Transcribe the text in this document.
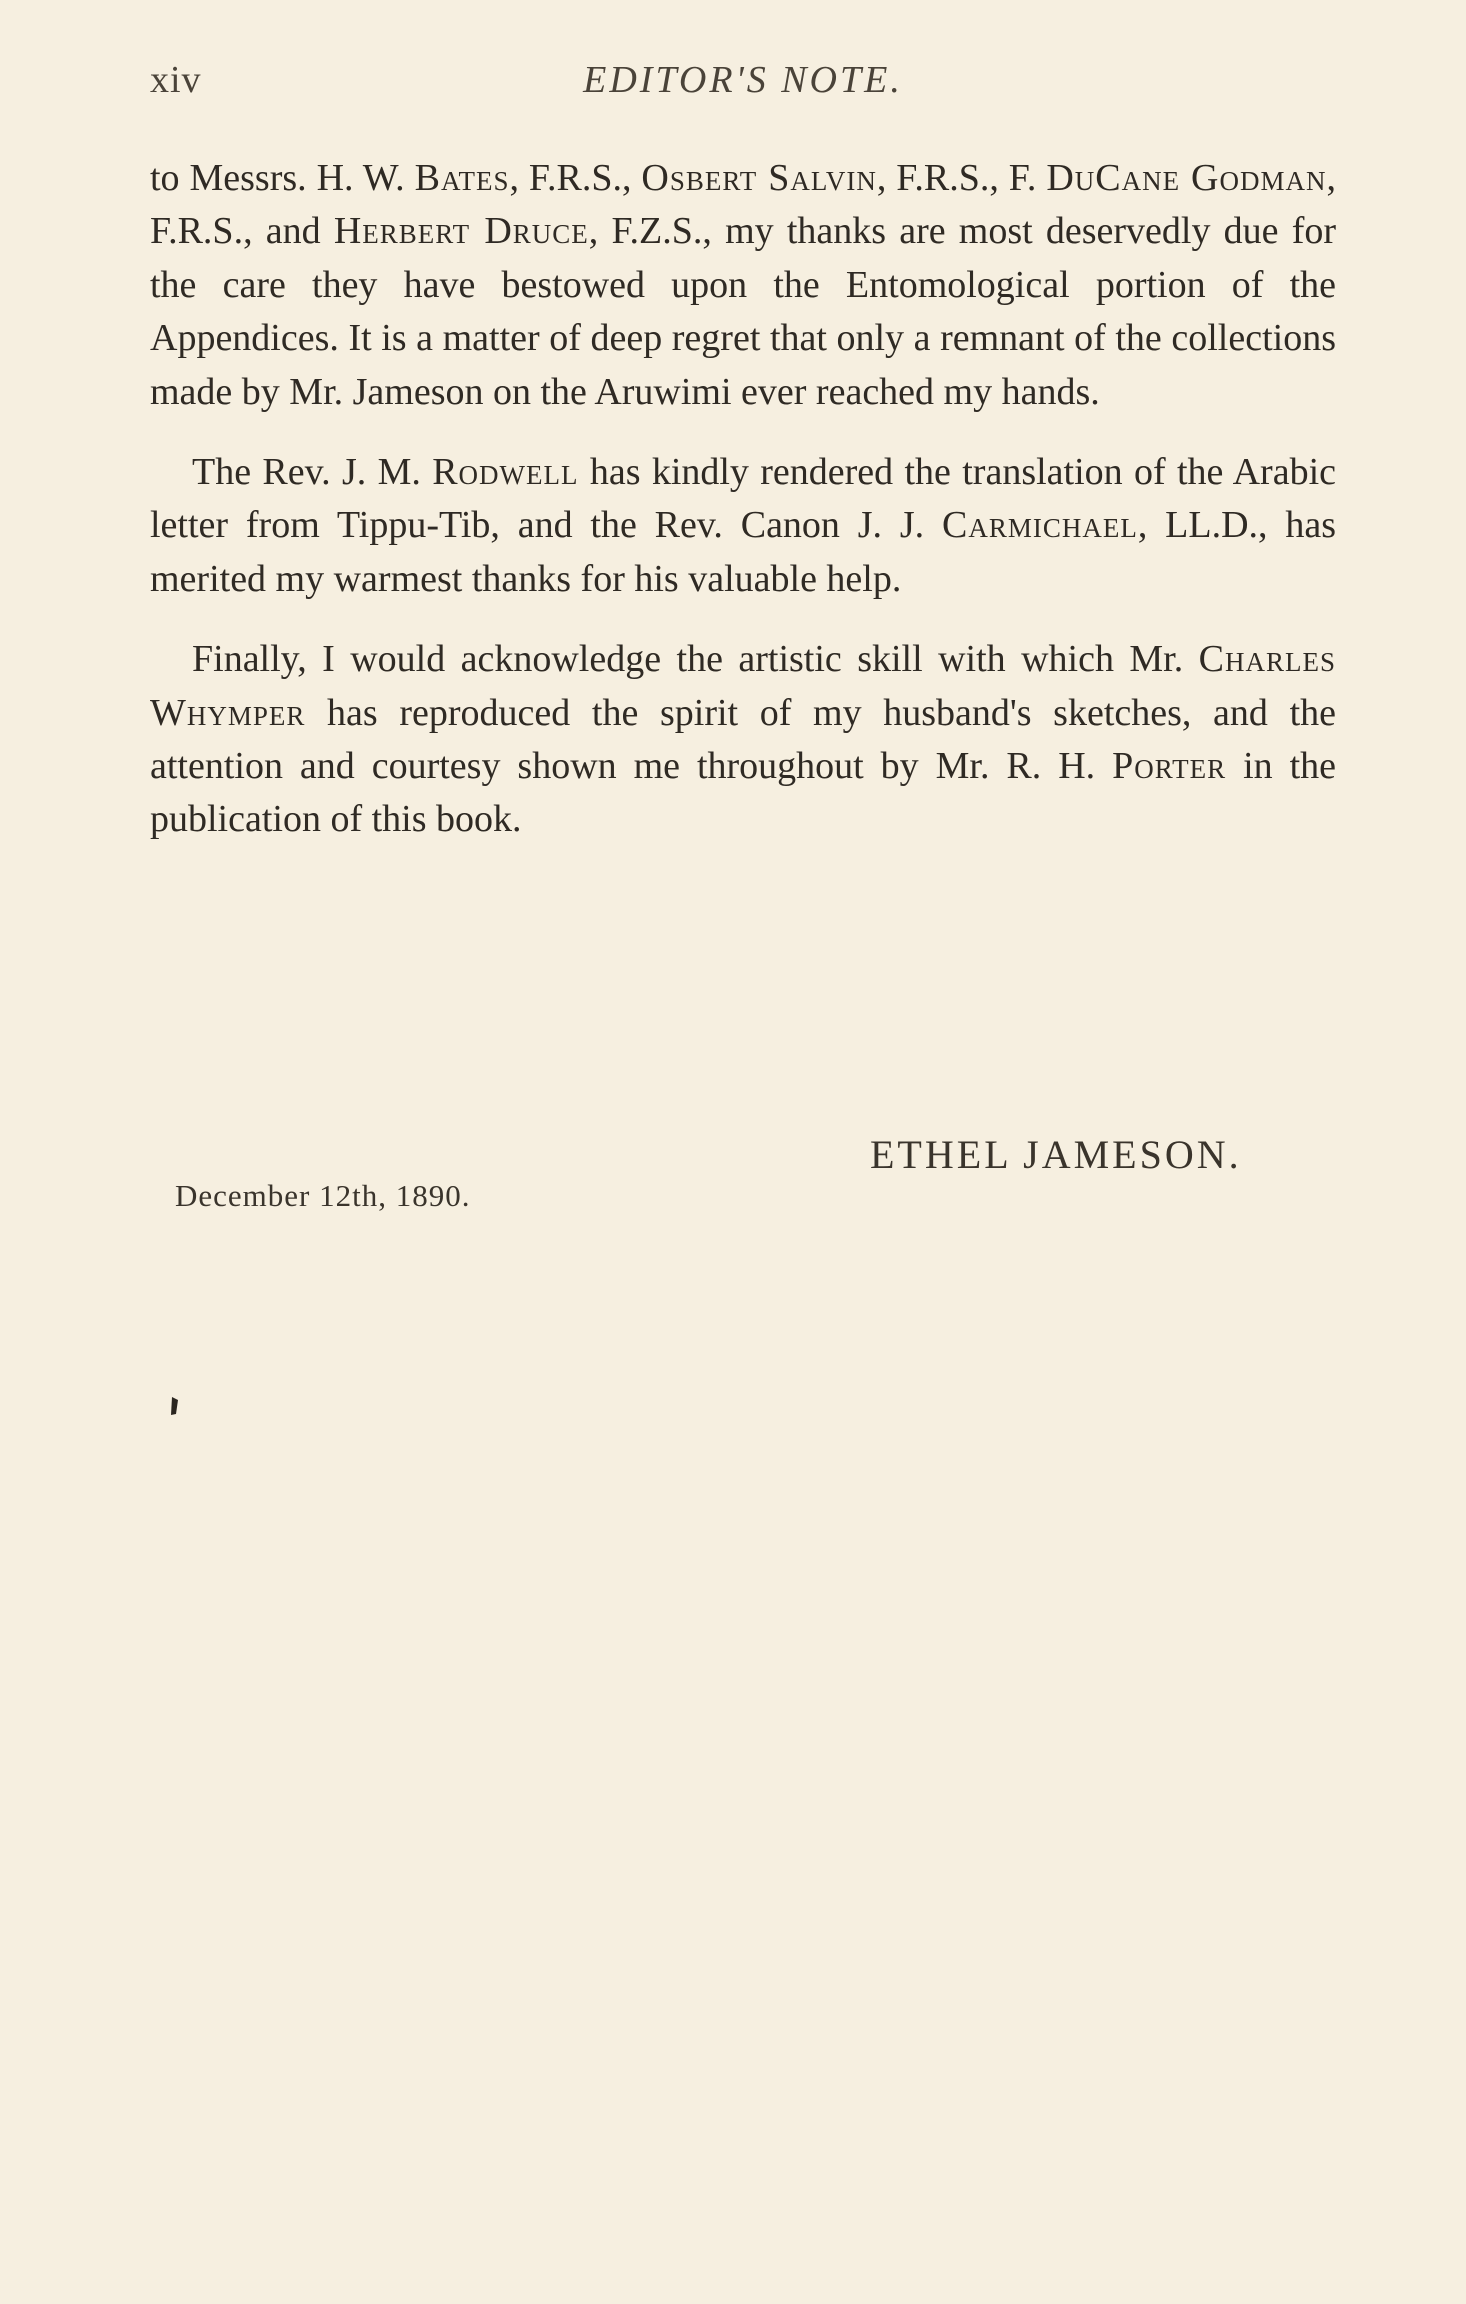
xiv	EDITOR'S NOTE.

to Messrs. H. W. Bates, F.R.S., Osbert Salvin, F.R.S., F. DuCane Godman, F.R.S., and Herbert Druce, F.Z.S., my thanks are most deservedly due for the care they have bestowed upon the Entomological portion of the Appendices. It is a matter of deep regret that only a remnant of the collections made by Mr. Jameson on the Aruwimi ever reached my hands.

The Rev. J. M. Rodwell has kindly rendered the translation of the Arabic letter from Tippu-Tib, and the Rev. Canon J. J. Carmichael, LL.D., has merited my warmest thanks for his valuable help.

Finally, I would acknowledge the artistic skill with which Mr. Charles Whymper has reproduced the spirit of my husband's sketches, and the attention and courtesy shown me throughout by Mr. R. H. Porter in the publication of this book.

ETHEL JAMESON.
December 12th, 1890.
